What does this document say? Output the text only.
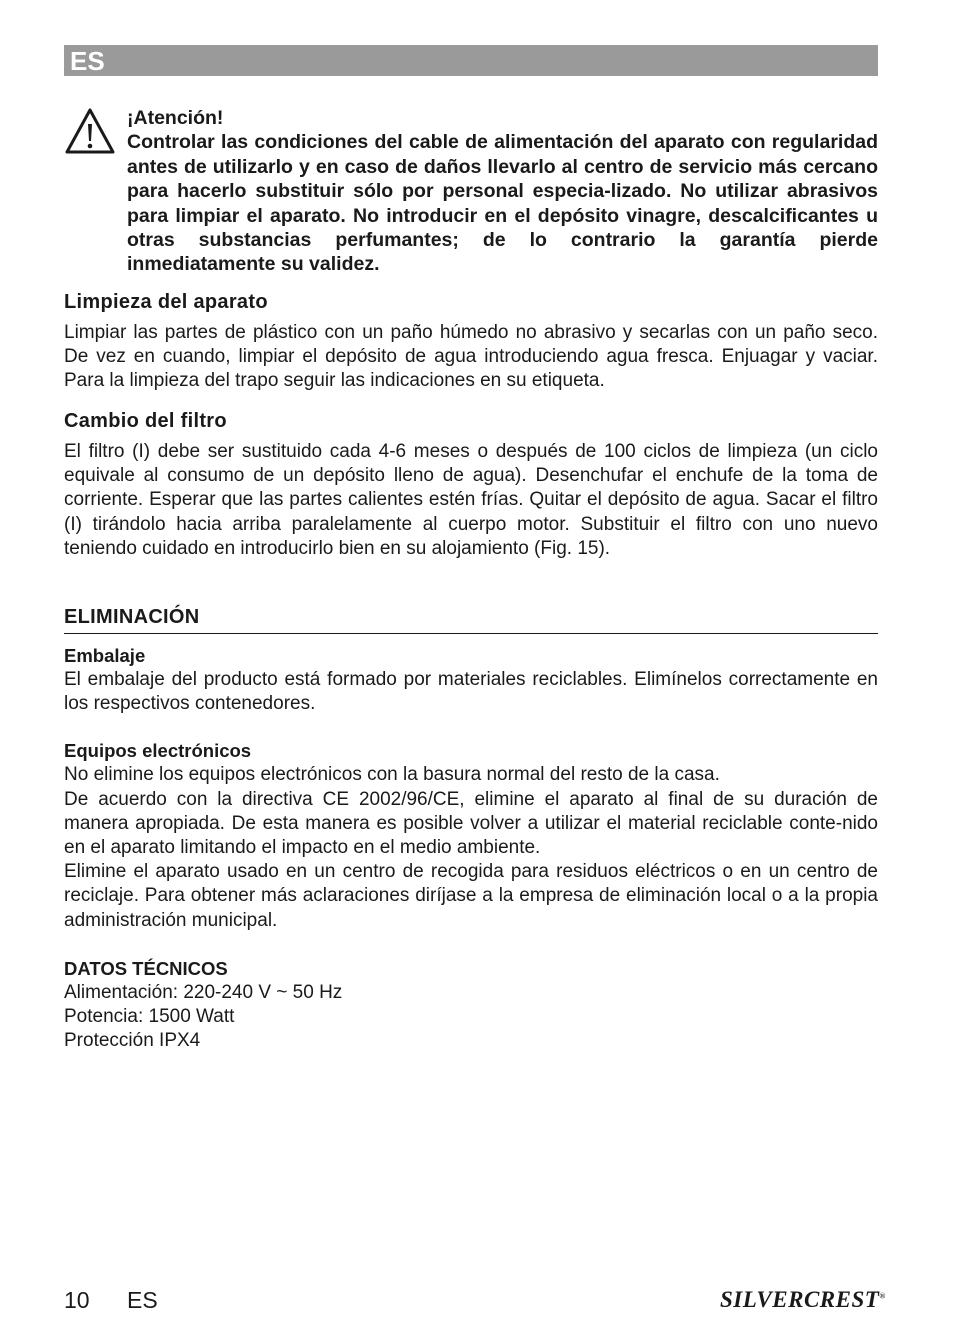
ES

¡Atención!

Controlar las condiciones del cable de alimentación del aparato con regularidad antes de utilizarlo y en caso de daños llevarlo al centro de servicio más cercano para hacerlo substituir sólo por personal especia-lizado. No utilizar abrasivos para limpiar el aparato. No introducir en el depósito vinagre, descalcificantes u otras substancias perfumantes; de lo contrario la garantía pierde inmediatamente su validez.

Limpieza del aparato

Limpiar las partes de plástico con un paño húmedo no abrasivo y secarlas con un paño seco. De vez en cuando, limpiar el depósito de agua introduciendo agua fresca. Enjuagar y vaciar. Para la limpieza del trapo seguir las indicaciones en su etiqueta.

Cambio del filtro

El filtro (I) debe ser sustituido cada 4-6 meses o después de 100 ciclos de limpieza (un ciclo equivale al consumo de un depósito lleno de agua). Desenchufar el enchufe de la toma de corriente. Esperar que las partes calientes estén frías. Quitar el depósito de agua. Sacar el filtro (I) tirándolo hacia arriba paralelamente al cuerpo motor. Substituir el filtro con uno nuevo teniendo cuidado en introducirlo bien en su alojamiento (Fig. 15).

ELIMINACIÓN

Embalaje

El embalaje del producto está formado por materiales reciclables. Elimínelos correctamente en los respectivos contenedores.

Equipos electrónicos

No elimine los equipos electrónicos con la basura normal del resto de la casa.

De acuerdo con la directiva CE 2002/96/CE, elimine el aparato al final de su duración de manera apropiada. De esta manera es posible volver a utilizar el material reciclable conte-nido en el aparato limitando el impacto en el medio ambiente.

Elimine el aparato usado en un centro de recogida para residuos eléctricos o en un centro de reciclaje. Para obtener más aclaraciones diríjase a la empresa de eliminación local o a la propia administración municipal.

DATOS TÉCNICOS

Alimentación: 220-240 V ~ 50 Hz

Potencia: 1500 Watt

Protección IPX4

10 ES	SILVERCREST®
